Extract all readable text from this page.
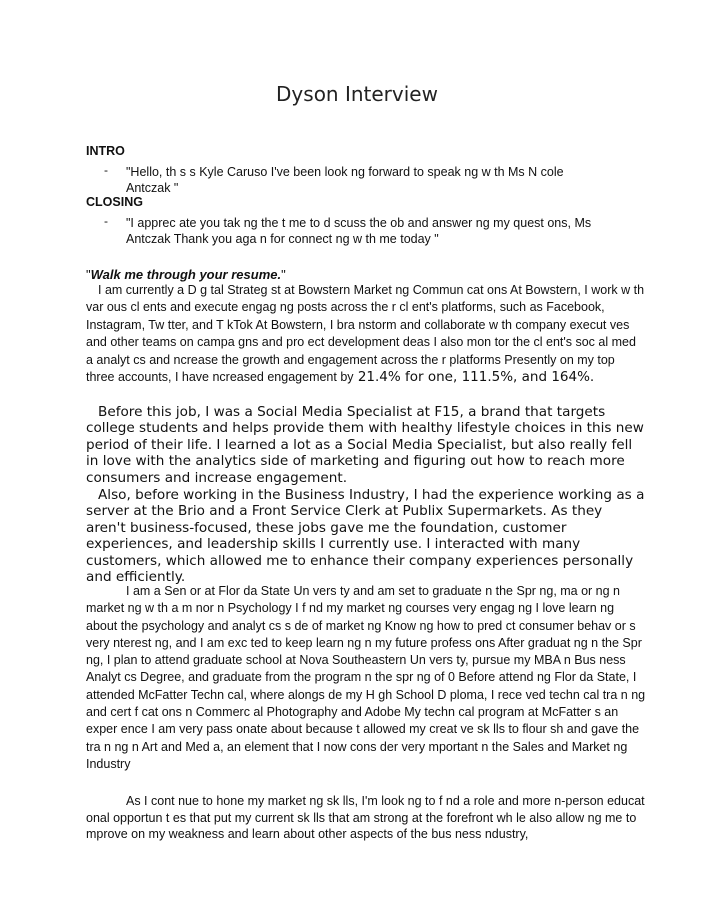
Dyson Interview
INTRO
- "Hello, th s s Kyle Caruso I've been look ng forward to speak ng w th Ms N cole Antczak "
CLOSING
- "I apprec ate you tak ng the t me to d scuss the ob and answer ng my quest ons, Ms Antczak Thank you aga n for connect ng w th me today "
"Walk me through your resume."

I am currently a D g tal Strateg st at Bowstern Market ng Commun cat ons At Bowstern, I work w th var ous cl ents and execute engag ng posts across the r cl ent's platforms, such as Facebook, Instagram, Tw tter, and T kTok At Bowstern, I bra nstorm and collaborate w th company execut ves and other teams on campa gns and pro ect development deas I also mon tor the cl ent's soc al med a analyt cs and ncrease the growth and engagement across the r platforms Presently on my top three accounts, I have ncreased engagement by 21.4% for one, 111.5%, and 164%.

Before this job, I was a Social Media Specialist at F15, a brand that targets college students and helps provide them with healthy lifestyle choices in this new period of their life. I learned a lot as a Social Media Specialist, but also really fell in love with the analytics side of marketing and figuring out how to reach more consumers and increase engagement.

Also, before working in the Business Industry, I had the experience working as a server at the Brio and a Front Service Clerk at Publix Supermarkets. As they aren't business-focused, these jobs gave me the foundation, customer experiences, and leadership skills I currently use. I interacted with many customers, which allowed me to enhance their company experiences personally and efficiently.

I am a Sen or at Flor da State Un vers ty and am set to graduate n the Spr ng, ma or ng n market ng w th a m nor n Psychology I f nd my market ng courses very engag ng I love learn ng about the psychology and analyt cs s de of market ng Know ng how to pred ct consumer behav or s very nterest ng, and I am exc ted to keep learn ng n my future profess ons After graduat ng n the Spr ng, I plan to attend graduate school at Nova Southeastern Un vers ty, pursue my MBA n Bus ness Analyt cs Degree, and graduate from the program n the spr ng of 0 Before attend ng Flor da State, I attended McFatter Techn cal, where alongs de my H gh School D ploma, I rece ved techn cal tra n ng and cert f cat ons n Commerc al Photography and Adobe My techn cal program at McFatter s an exper ence I am very pass onate about because t allowed my creat ve sk lls to flour sh and gave the tra n ng n Art and Med a, an element that I now cons der very mportant n the Sales and Market ng Industry

As I cont nue to hone my market ng sk lls, I'm look ng to f nd a role and more n-person educat onal opportun t es that put my current sk lls that am strong at the forefront wh le also allow ng me to mprove on my weakness and learn about other aspects of the bus ness ndustry,
